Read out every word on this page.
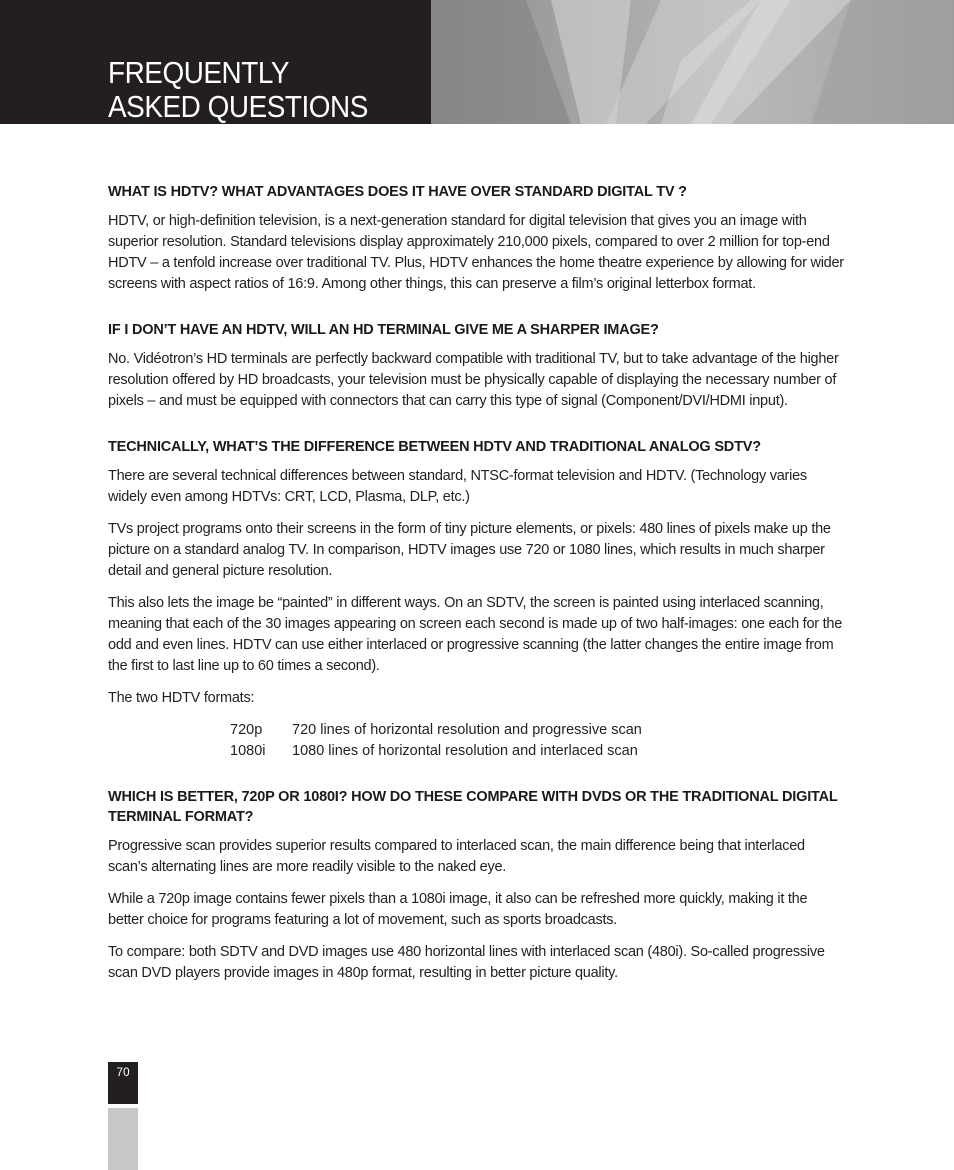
FREQUENTLY
ASKED QUESTIONS

WHAT IS HDTV? WHAT ADVANTAGES DOES IT HAVE OVER STANDARD DIGITAL TV ?

HDTV, or high-definition television, is a next-generation standard for digital television that gives you an image with superior resolution. Standard televisions display approximately 210,000 pixels, compared to over 2 million for top-end HDTV – a tenfold increase over traditional TV. Plus, HDTV enhances the home theatre experience by allowing for wider screens with aspect ratios of 16:9. Among other things, this can preserve a film’s original letterbox format.

IF I DON’T HAVE AN HDTV, WILL AN HD TERMINAL GIVE ME A SHARPER IMAGE?

No. Vidéotron’s HD terminals are perfectly backward compatible with traditional TV, but to take advantage of the higher resolution offered by HD broadcasts, your television must be physically capable of displaying the necessary number of pixels – and must be equipped with connectors that can carry this type of signal (Component/DVI/HDMI input).

TECHNICALLY, WHAT’S THE DIFFERENCE BETWEEN HDTV AND TRADITIONAL ANALOG SDTV?

There are several technical differences between standard, NTSC-format television and HDTV. (Technology varies widely even among HDTVs: CRT, LCD, Plasma, DLP, etc.)

TVs project programs onto their screens in the form of tiny picture elements, or pixels: 480 lines of pixels make up the picture on a standard analog TV. In comparison, HDTV images use 720 or 1080 lines, which results in much sharper detail and general picture resolution.

This also lets the image be “painted” in different ways. On an SDTV, the screen is painted using interlaced scanning, meaning that each of the 30 images appearing on screen each second is made up of two half-images: one each for the odd and even lines. HDTV can use either interlaced or progressive scanning (the latter changes the entire image from the first to last line up to 60 times a second).

The two HDTV formats:

720p	720 lines of horizontal resolution and progressive scan
1080i	1080 lines of horizontal resolution and interlaced scan

WHICH IS BETTER, 720P OR 1080I? HOW DO THESE COMPARE WITH DVDS OR THE TRADITIONAL DIGITAL TERMINAL FORMAT?

Progressive scan provides superior results compared to interlaced scan, the main difference being that interlaced scan’s alternating lines are more readily visible to the naked eye.

While a 720p image contains fewer pixels than a 1080i image, it also can be refreshed more quickly, making it the better choice for programs featuring a lot of movement, such as sports broadcasts.

To compare: both SDTV and DVD images use 480 horizontal lines with interlaced scan (480i). So-called progressive scan DVD players provide images in 480p format, resulting in better picture quality.

70
